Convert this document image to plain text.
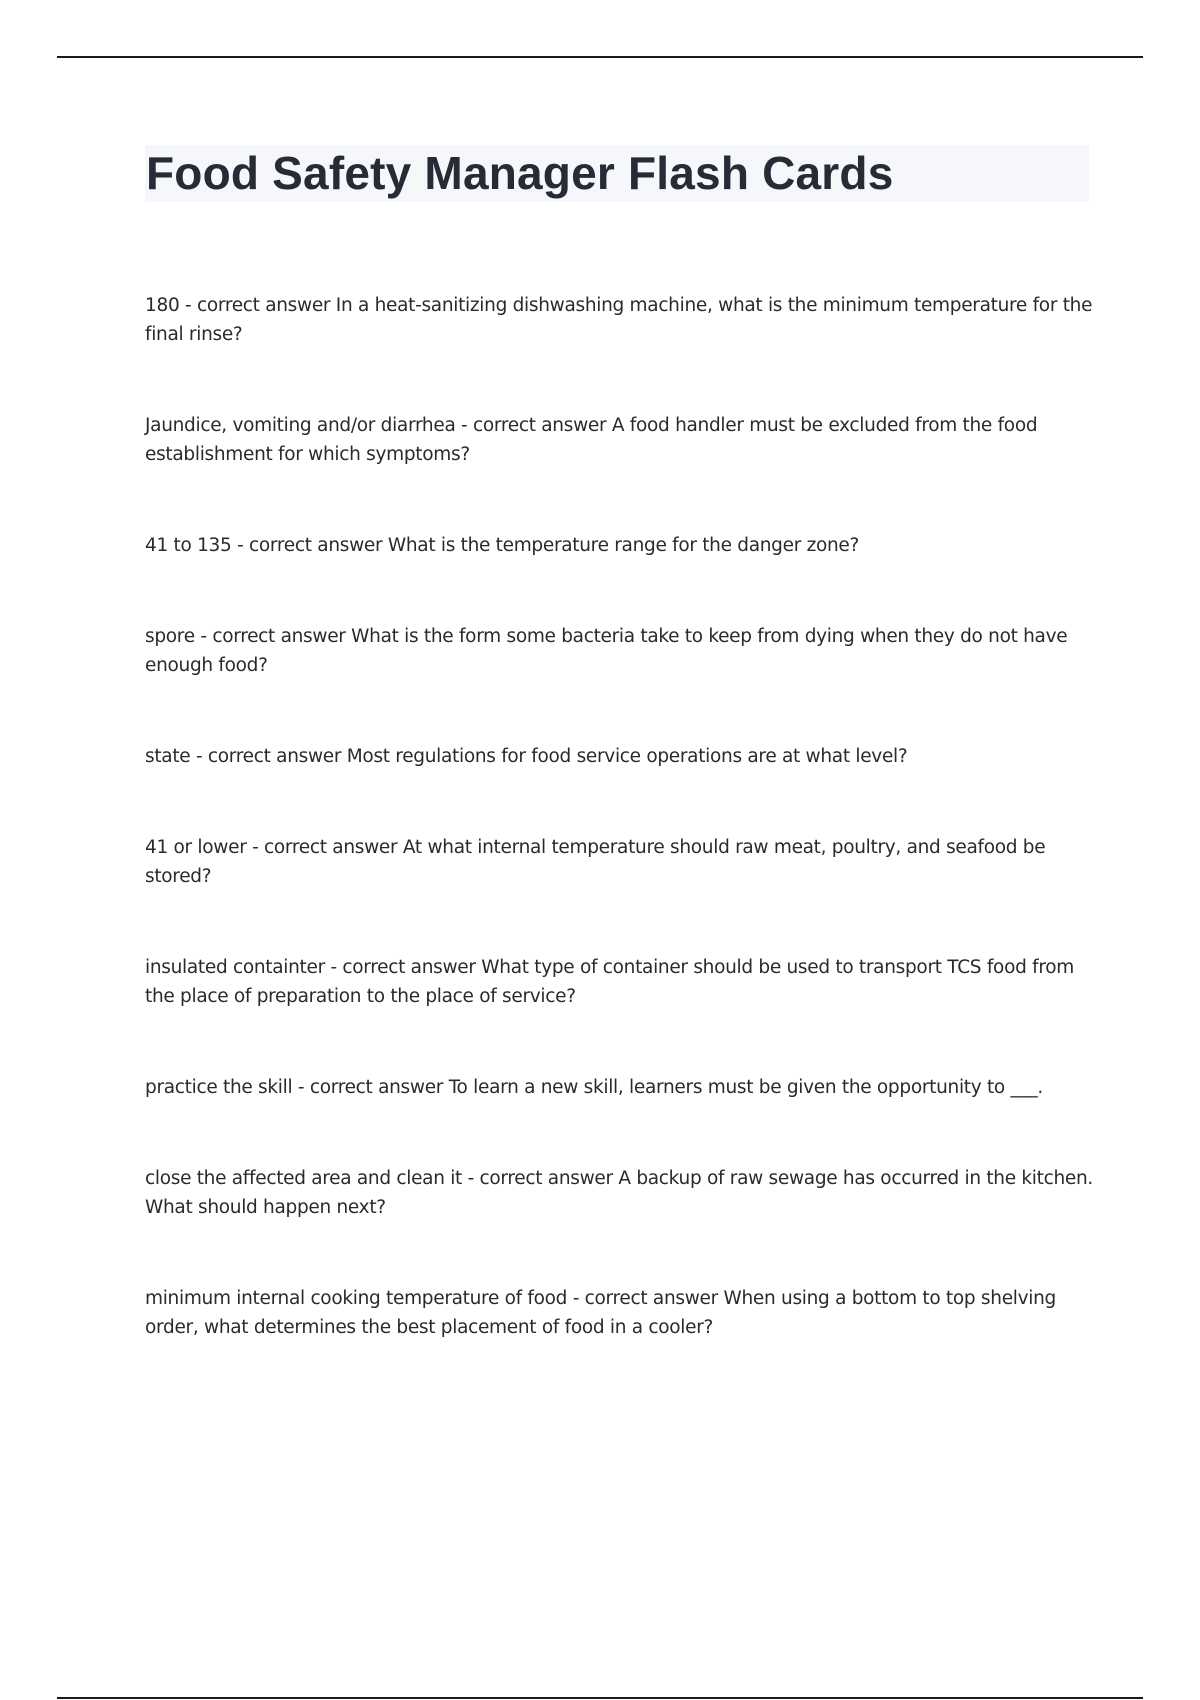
Food Safety Manager Flash Cards

180 - correct answer In a heat-sanitizing dishwashing machine, what is the minimum temperature for the final rinse?

Jaundice, vomiting and/or diarrhea - correct answer A food handler must be excluded from the food establishment for which symptoms?

41 to 135 - correct answer What is the temperature range for the danger zone?

spore - correct answer What is the form some bacteria take to keep from dying when they do not have enough food?

state - correct answer Most regulations for food service operations are at what level?

41 or lower - correct answer At what internal temperature should raw meat, poultry, and seafood be stored?

insulated containter - correct answer What type of container should be used to transport TCS food from the place of preparation to the place of service?

practice the skill - correct answer To learn a new skill, learners must be given the opportunity to ___.

close the affected area and clean it - correct answer A backup of raw sewage has occurred in the kitchen. What should happen next?

minimum internal cooking temperature of food - correct answer When using a bottom to top shelving order, what determines the best placement of food in a cooler?
